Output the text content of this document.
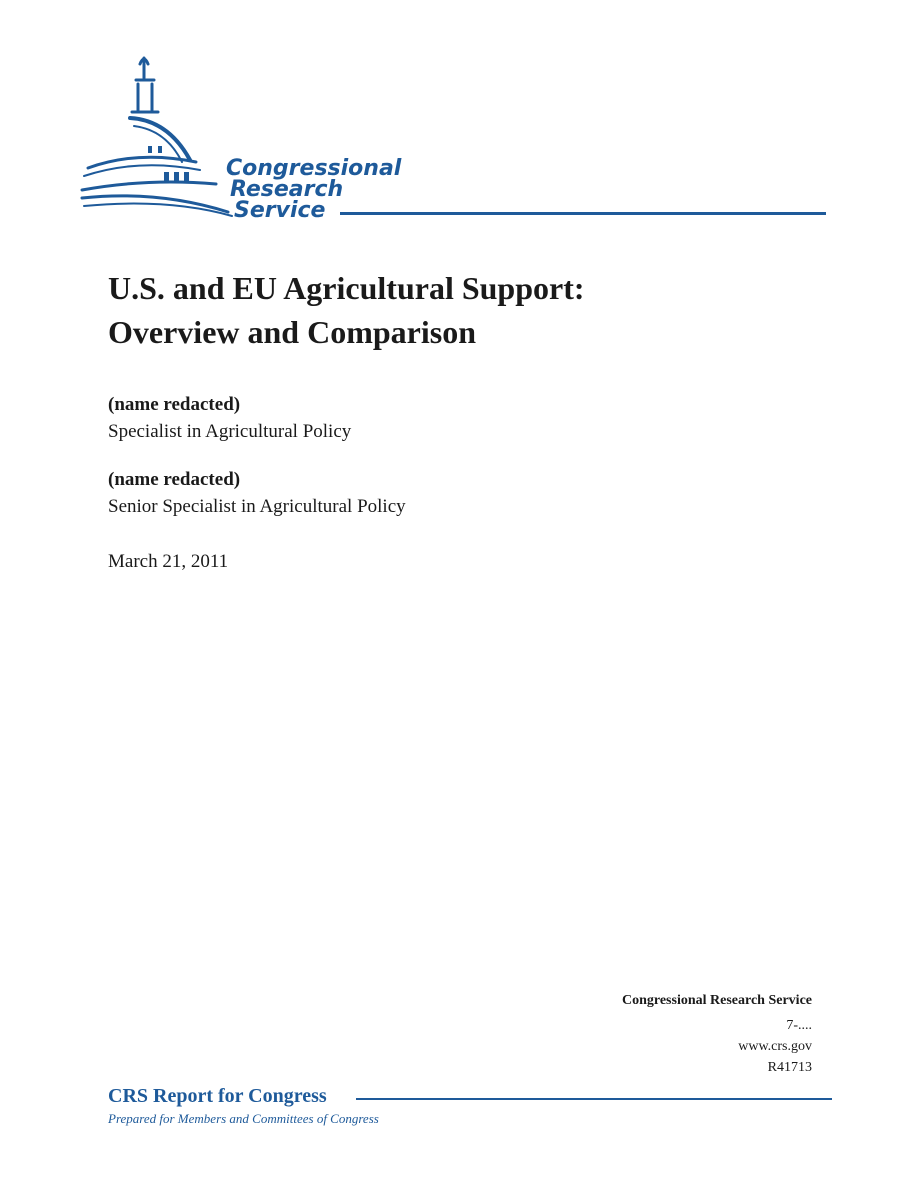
Congressional
Research
Service
U.S. and EU Agricultural Support:
Overview and Comparison

(name redacted)

Specialist in Agricultural Policy

(name redacted)

Senior Specialist in Agricultural Policy

March 21, 2011

Congressional Research Service
7-....
www.crs.gov
R41713
CRS Report for Congress
Prepared for Members and Committees of Congress
